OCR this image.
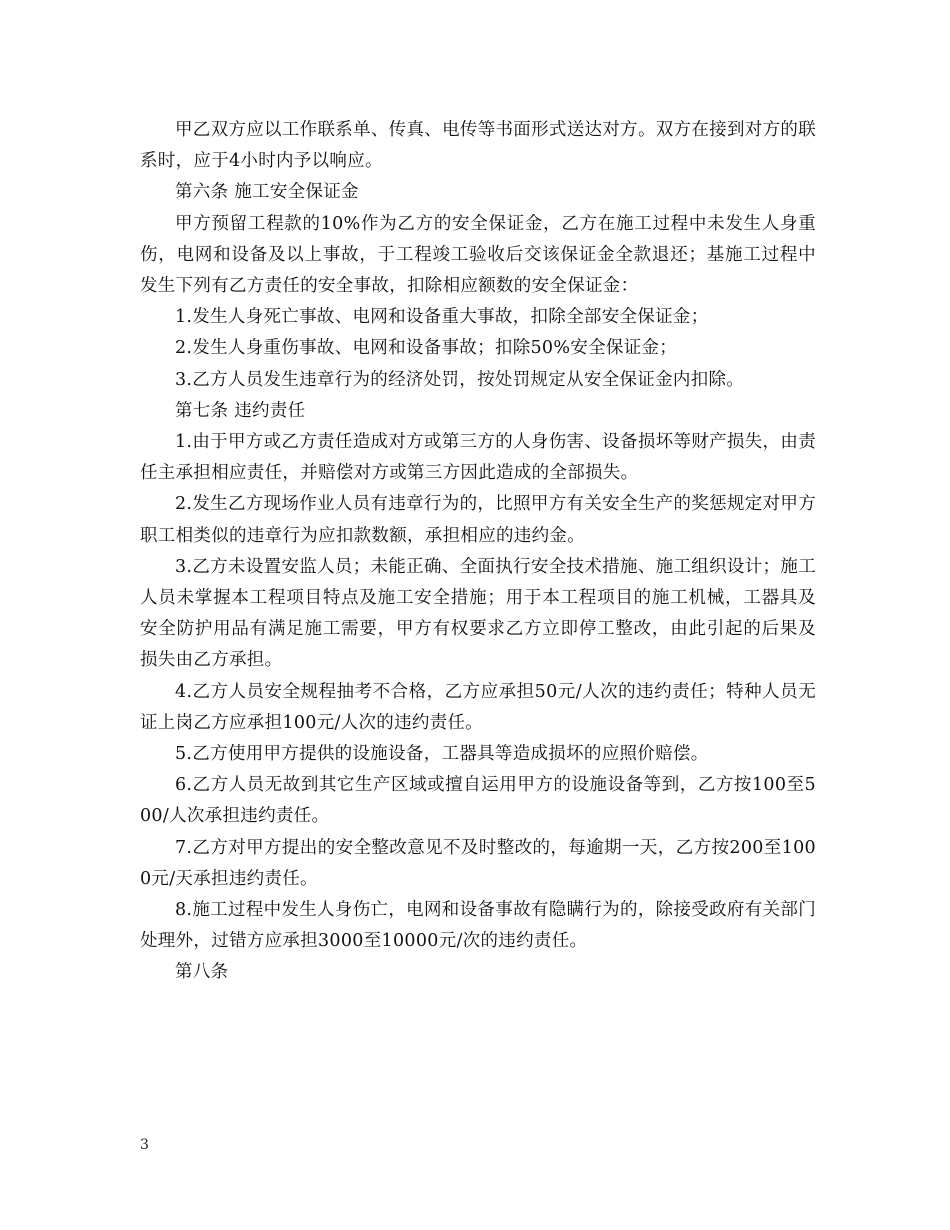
甲乙双方应以工作联系单、传真、电传等书面形式送达对方。双方在接到对方的联系时，应于4小时内予以响应。

第六条 施工安全保证金

甲方预留工程款的10%作为乙方的安全保证金，乙方在施工过程中未发生人身重伤，电网和设备及以上事故，于工程竣工验收后交该保证金全款退还；基施工过程中发生下列有乙方责任的安全事故，扣除相应额数的安全保证金：

1.发生人身死亡事故、电网和设备重大事故，扣除全部安全保证金；

2.发生人身重伤事故、电网和设备事故；扣除50%安全保证金；

3.乙方人员发生违章行为的经济处罚，按处罚规定从安全保证金内扣除。

第七条 违约责任

1.由于甲方或乙方责任造成对方或第三方的人身伤害、设备损坏等财产损失，由责任主承担相应责任，并赔偿对方或第三方因此造成的全部损失。

2.发生乙方现场作业人员有违章行为的，比照甲方有关安全生产的奖惩规定对甲方职工相类似的违章行为应扣款数额，承担相应的违约金。

3.乙方未设置安监人员；未能正确、全面执行安全技术措施、施工组织设计；施工人员未掌握本工程项目特点及施工安全措施；用于本工程项目的施工机械，工器具及安全防护用品有满足施工需要，甲方有权要求乙方立即停工整改，由此引起的后果及损失由乙方承担。

4.乙方人员安全规程抽考不合格，乙方应承担50元/人次的违约责任；特种人员无证上岗乙方应承担100元/人次的违约责任。

5.乙方使用甲方提供的设施设备，工器具等造成损坏的应照价赔偿。

6.乙方人员无故到其它生产区域或擅自运用甲方的设施设备等到，乙方按100至500/人次承担违约责任。

7.乙方对甲方提出的安全整改意见不及时整改的，每逾期一天，乙方按200至1000元/天承担违约责任。

8.施工过程中发生人身伤亡，电网和设备事故有隐瞒行为的，除接受政府有关部门处理外，过错方应承担3000至10000元/次的违约责任。

第八条

3
